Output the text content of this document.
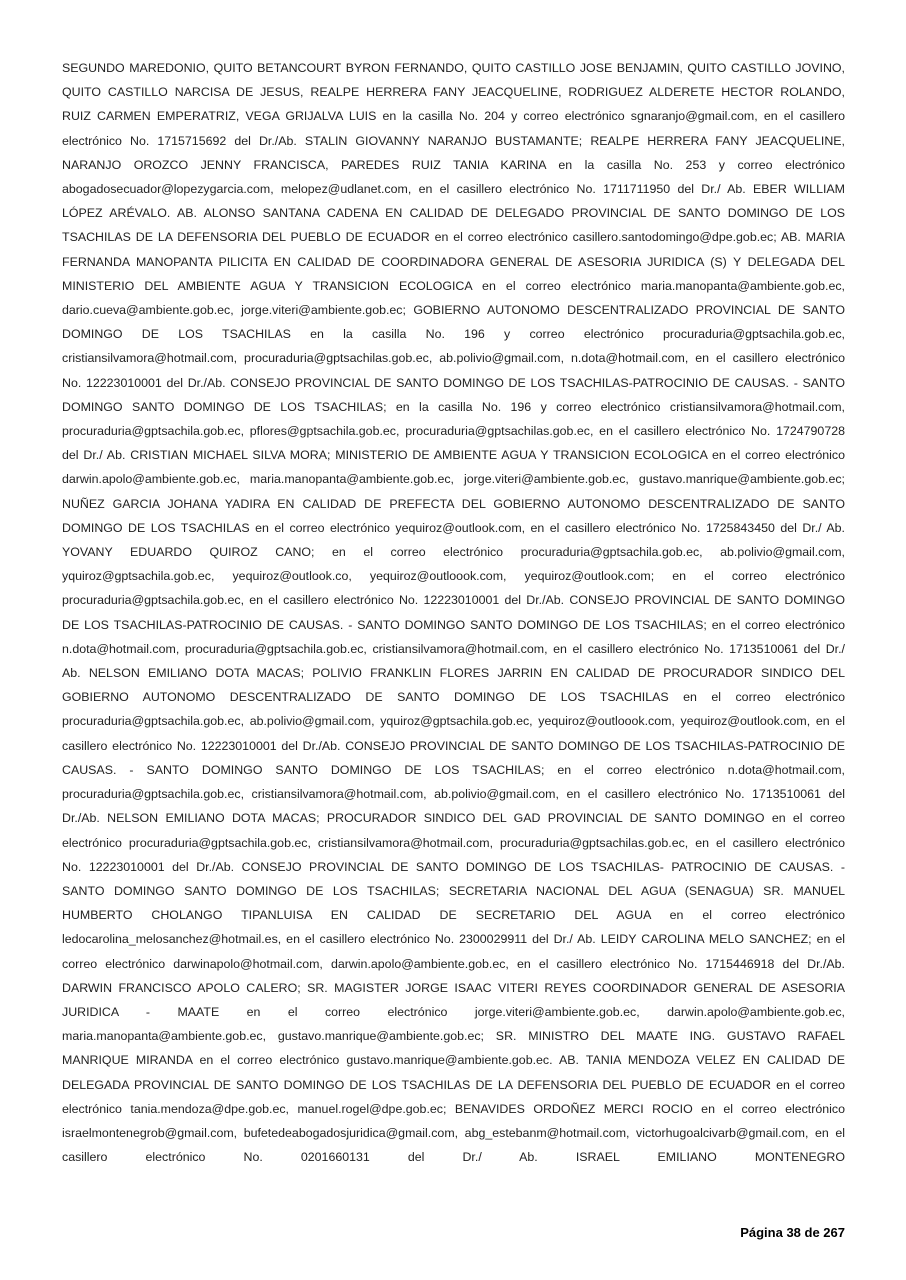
SEGUNDO MAREDONIO, QUITO BETANCOURT BYRON FERNANDO, QUITO CASTILLO JOSE BENJAMIN, QUITO CASTILLO JOVINO, QUITO CASTILLO NARCISA DE JESUS, REALPE HERRERA FANY JEACQUELINE, RODRIGUEZ ALDERETE HECTOR ROLANDO, RUIZ CARMEN EMPERATRIZ, VEGA GRIJALVA LUIS en la casilla No. 204 y correo electrónico sgnaranjo@gmail.com, en el casillero electrónico No. 1715715692 del Dr./Ab. STALIN GIOVANNY NARANJO BUSTAMANTE; REALPE HERRERA FANY JEACQUELINE, NARANJO OROZCO JENNY FRANCISCA, PAREDES RUIZ TANIA KARINA en la casilla No. 253 y correo electrónico abogadosecuador@lopezygarcia.com, melopez@udlanet.com, en el casillero electrónico No. 1711711950 del Dr./ Ab. EBER WILLIAM LÓPEZ ARÉVALO. AB. ALONSO SANTANA CADENA EN CALIDAD DE DELEGADO PROVINCIAL DE SANTO DOMINGO DE LOS TSACHILAS DE LA DEFENSORIA DEL PUEBLO DE ECUADOR en el correo electrónico casillero.santodomingo@dpe.gob.ec; AB. MARIA FERNANDA MANOPANTA PILICITA EN CALIDAD DE COORDINADORA GENERAL DE ASESORIA JURIDICA (S) Y DELEGADA DEL MINISTERIO DEL AMBIENTE AGUA Y TRANSICION ECOLOGICA en el correo electrónico maria.manopanta@ambiente.gob.ec, dario.cueva@ambiente.gob.ec, jorge.viteri@ambiente.gob.ec; GOBIERNO AUTONOMO DESCENTRALIZADO PROVINCIAL DE SANTO DOMINGO DE LOS TSACHILAS en la casilla No. 196 y correo electrónico procuraduria@gptsachila.gob.ec, cristiansilvamora@hotmail.com, procuraduria@gptsachilas.gob.ec, ab.polivio@gmail.com, n.dota@hotmail.com, en el casillero electrónico No. 12223010001 del Dr./Ab. CONSEJO PROVINCIAL DE SANTO DOMINGO DE LOS TSACHILAS-PATROCINIO DE CAUSAS. - SANTO DOMINGO SANTO DOMINGO DE LOS TSACHILAS; en la casilla No. 196 y correo electrónico cristiansilvamora@hotmail.com, procuraduria@gptsachila.gob.ec, pflores@gptsachila.gob.ec, procuraduria@gptsachilas.gob.ec, en el casillero electrónico No. 1724790728 del Dr./ Ab. CRISTIAN MICHAEL SILVA MORA; MINISTERIO DE AMBIENTE AGUA Y TRANSICION ECOLOGICA en el correo electrónico darwin.apolo@ambiente.gob.ec, maria.manopanta@ambiente.gob.ec, jorge.viteri@ambiente.gob.ec, gustavo.manrique@ambiente.gob.ec; NUÑEZ GARCIA JOHANA YADIRA EN CALIDAD DE PREFECTA DEL GOBIERNO AUTONOMO DESCENTRALIZADO DE SANTO DOMINGO DE LOS TSACHILAS en el correo electrónico yequiroz@outlook.com, en el casillero electrónico No. 1725843450 del Dr./ Ab. YOVANY EDUARDO QUIROZ CANO; en el correo electrónico procuraduria@gptsachila.gob.ec, ab.polivio@gmail.com, yquiroz@gptsachila.gob.ec, yequiroz@outlook.co, yequiroz@outloook.com, yequiroz@outlook.com; en el correo electrónico procuraduria@gptsachila.gob.ec, en el casillero electrónico No. 12223010001 del Dr./Ab. CONSEJO PROVINCIAL DE SANTO DOMINGO DE LOS TSACHILAS-PATROCINIO DE CAUSAS. - SANTO DOMINGO SANTO DOMINGO DE LOS TSACHILAS; en el correo electrónico n.dota@hotmail.com, procuraduria@gptsachila.gob.ec, cristiansilvamora@hotmail.com, en el casillero electrónico No. 1713510061 del Dr./ Ab. NELSON EMILIANO DOTA MACAS; POLIVIO FRANKLIN FLORES JARRIN EN CALIDAD DE PROCURADOR SINDICO DEL GOBIERNO AUTONOMO DESCENTRALIZADO DE SANTO DOMINGO DE LOS TSACHILAS en el correo electrónico procuraduria@gptsachila.gob.ec, ab.polivio@gmail.com, yquiroz@gptsachila.gob.ec, yequiroz@outloook.com, yequiroz@outlook.com, en el casillero electrónico No. 12223010001 del Dr./Ab. CONSEJO PROVINCIAL DE SANTO DOMINGO DE LOS TSACHILAS-PATROCINIO DE CAUSAS. - SANTO DOMINGO SANTO DOMINGO DE LOS TSACHILAS; en el correo electrónico n.dota@hotmail.com, procuraduria@gptsachila.gob.ec, cristiansilvamora@hotmail.com, ab.polivio@gmail.com, en el casillero electrónico No. 1713510061 del Dr./Ab. NELSON EMILIANO DOTA MACAS; PROCURADOR SINDICO DEL GAD PROVINCIAL DE SANTO DOMINGO en el correo electrónico procuraduria@gptsachila.gob.ec, cristiansilvamora@hotmail.com, procuraduria@gptsachilas.gob.ec, en el casillero electrónico No. 12223010001 del Dr./Ab. CONSEJO PROVINCIAL DE SANTO DOMINGO DE LOS TSACHILAS- PATROCINIO DE CAUSAS. - SANTO DOMINGO SANTO DOMINGO DE LOS TSACHILAS; SECRETARIA NACIONAL DEL AGUA (SENAGUA) SR. MANUEL HUMBERTO CHOLANGO TIPANLUISA EN CALIDAD DE SECRETARIO DEL AGUA en el correo electrónico ledocarolina_melosanchez@hotmail.es, en el casillero electrónico No. 2300029911 del Dr./ Ab. LEIDY CAROLINA MELO SANCHEZ; en el correo electrónico darwinapolo@hotmail.com, darwin.apolo@ambiente.gob.ec, en el casillero electrónico No. 1715446918 del Dr./Ab. DARWIN FRANCISCO APOLO CALERO; SR. MAGISTER JORGE ISAAC VITERI REYES COORDINADOR GENERAL DE ASESORIA JURIDICA - MAATE en el correo electrónico jorge.viteri@ambiente.gob.ec, darwin.apolo@ambiente.gob.ec, maria.manopanta@ambiente.gob.ec, gustavo.manrique@ambiente.gob.ec; SR. MINISTRO DEL MAATE ING. GUSTAVO RAFAEL MANRIQUE MIRANDA en el correo electrónico gustavo.manrique@ambiente.gob.ec. AB. TANIA MENDOZA VELEZ EN CALIDAD DE DELEGADA PROVINCIAL DE SANTO DOMINGO DE LOS TSACHILAS DE LA DEFENSORIA DEL PUEBLO DE ECUADOR en el correo electrónico tania.mendoza@dpe.gob.ec, manuel.rogel@dpe.gob.ec; BENAVIDES ORDOÑEZ MERCI ROCIO en el correo electrónico israelmontenegrob@gmail.com, bufetedeabogadosjuridica@gmail.com, abg_estebanm@hotmail.com, victorhugoalcivarb@gmail.com, en el casillero electrónico No. 0201660131 del Dr./ Ab. ISRAEL EMILIANO MONTENEGRO

Página 38 de 267
